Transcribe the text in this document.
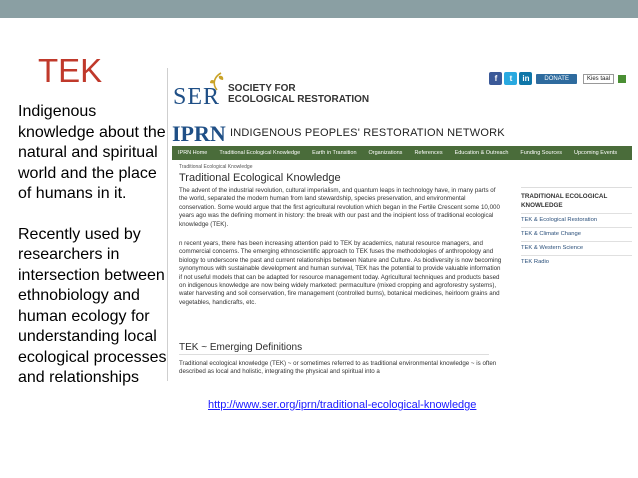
TEK

Indigenous knowledge about the natural and spiritual world and the place of humans in it.

Recently used by researchers in intersection between ethnobiology and human ecology for understanding local ecological processes and relationships

f	t	in	DONATE	Kies taal
SER SOCIETY FOR
ECOLOGICAL RESTORATION
IPRN INDIGENOUS PEOPLES' RESTORATION NETWORK
IPRN Home	Traditional Ecological Knowledge	Earth in Transition	Organizations	References	Education & Outreach	Funding Sources	Upcoming Events
Traditional Ecological Knowledge
Traditional Ecological Knowledge
The advent of the industrial revolution, cultural imperialism, and quantum leaps in technology have, in many parts of the world, separated the modern human from land stewardship, species preservation, and environmental conservation. Some would argue that the first agricultural revolution which began in the Fertile Crescent some 10,000 years ago was the defining moment in history: the break with our past and the incipient loss of traditional ecological knowledge (TEK).
n recent years, there has been increasing attention paid to TEK by academics, natural resource managers, and commercial concerns. The emerging ethnoscientific approach to TEK fuses the methodologies of anthropology and biology to underscore the past and current relationships between Nature and Culture. As biodiversity is now becoming synonymous with sustainable development and human survival, TEK has the potential to provide valuable information if not useful models that can be adapted for resource management today. Agricultural techniques and products based on indigenous knowledge are now being widely marketed: permaculture (mixed cropping and agroforestry systems), water harvesting and soil conservation, fire management (controlled burns), botanical medicines, heirloom grains and vegetables, handicrafts, etc.
TRADITIONAL ECOLOGICAL KNOWLEDGE
TEK & Ecological Restoration
TEK & Climate Change
TEK & Western Science
TEK Radio
TEK ~ Emerging Definitions
Traditional ecological knowledge (TEK) ~ or sometimes referred to as traditional environmental knowledge ~ is often described as local and holistic, integrating the physical and spiritual into a
http://www.ser.org/iprn/traditional-ecological-knowledge
